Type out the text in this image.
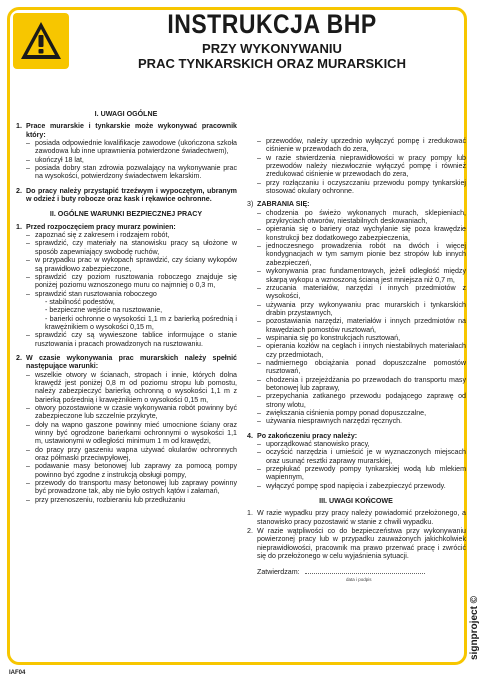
INSTRUKCJA BHP
PRZY WYKONYWANIU
PRAC TYNKARSKICH ORAZ MURARSKICH
I. UWAGI OGÓLNE
1. Prace murarskie i tynkarskie może wykonywać pracownik który:
– posiada odpowiednie kwalifikacje zawodowe (ukończona szkoła zawodowa lub inne uprawnienia potwierdzone świadectwem),
– ukończył 18 lat,
– posiada dobry stan zdrowia pozwalający na wykonywanie prac na wysokości, potwierdzony świadectwem lekarskim.
2. Do pracy należy przystąpić trzeźwym i wypoczętym, ubranym w odzież i buty robocze oraz kask i rękawice ochronne.
II. OGÓLNE WARUNKI BEZPIECZNEJ PRACY
1. Przed rozpoczęciem pracy murarz powinien:
– zapoznać się z zakresem i rodzajem robót,
– sprawdzić, czy materiały na stanowisku pracy są ułożone w sposób zapewniający swobodę ruchów,
– w przypadku prac w wykopach sprawdzić, czy ściany wykopów są prawidłowo zabezpieczone,
– sprawdzić czy poziom rusztowania roboczego znajduje się poniżej poziomu wznoszonego muru co najmniej o 0,3 m,
– sprawdzić stan rusztowania roboczego
- stabilność podestów,
- bezpieczne wejście na rusztowanie,
- barierki ochronne o wysokości 1,1 m z barierką pośrednią i krawężnikiem o wysokości 0,15 m,
– sprawdzić czy są wywieszone tablice informujące o stanie rusztowania i pracach prowadzonych na rusztowaniu.
2. W czasie wykonywania prac murarskich należy spełnić następujące warunki:
– wszelkie otwory w ścianach, stropach i innie, których dolna krawędź jest poniżej 0,8 m od poziomu stropu lub pomostu, należy zabezpieczyć barierką ochronną o wysokości 1,1 m z barierką pośrednią i krawężnikiem o wysokości 0,15 m,
– otwory pozostawione w czasie wykonywania robót powinny być zabezpieczone lub szczelnie przykryte,
– doły na wapno gaszone powinny mieć umocnione ściany oraz winny być ogrodzone barierkami ochronnymi o wysokości 1,1 m, ustawionymi w odległości minimum 1 m od krawędzi,
– do pracy przy gaszeniu wapna używać okularów ochronnych oraz półmaski przeciwpyłowej,
– podawanie masy betonowej lub zaprawy za pomocą pompy powinno być zgodne z instrukcją obsługi pompy,
– przewody do transportu masy betonowej lub zaprawy powinny być prowadzone tak, aby nie było ostrych kątów i załamań,
– przy przenoszeniu, rozbieraniu lub przedłużaniu
– przewodów, należy uprzednio wyłączyć pompę i zredukować ciśnienie w przewodach do zera,
– w razie stwierdzenia nieprawidłowości w pracy pompy lub przewodów należy niezwłocznie wyłączyć pompę i również zredukować ciśnienie w przewodach do zera,
– przy rozłączaniu i oczyszczaniu przewodu pompy tynkarskiej stosować okulary ochronne.
3) ZABRANIA SIĘ:
– chodzenia po świeżo wykonanych murach, sklepieniach, przykryciach otworów, niestabilnych deskowaniach,
– opierania się o bariery oraz wychylanie się poza krawędzie konstrukcji bez dodatkowego zabezpieczenia,
– jednoczesnego prowadzenia robót na dwóch i więcej kondygnacjach w tym samym pionie bez stropów lub innych zabezpieczeń,
– wykonywania prac fundamentowych, jeżeli odległość między skarpą wykopu a wznoszoną ścianą jest mniejsza niż 0,7 m,
– zrzucania materiałów, narzędzi i innych przedmiotów z wysokości,
– używania przy wykonywaniu prac murarskich i tynkarskich drabin przystawnych,
– pozostawiania narzędzi, materiałów i innych przedmiotów na krawędziach pomostów rusztowań,
– wspinania się po konstrukcjach rusztowań,
– opierania kozłów na cegłach i innych niestabilnych materiałach czy przedmiotach,
– nadmiernego obciążania ponad dopuszczalne pomostów rusztowań,
– chodzenia i przejeżdżania po przewodach do transportu masy betonowej lub zaprawy,
– przepychania zatkanego przewodu podającego zaprawę od strony wlotu,
– zwiększania ciśnienia pompy ponad dopuszczalne,
– używania niesprawnych narzędzi ręcznych.
4. Po zakończeniu pracy należy:
– uporządkować stanowisko pracy,
– oczyścić narzędzia i umieścić je w wyznaczonych miejscach oraz usunąć resztki zaprawy murarskiej,
– przepłukać przewody pompy tynkarskiej wodą lub mlekiem wapiennym,
– wyłączyć pompę spod napięcia i zabezpieczyć przewody.
III. UWAGI KOŃCOWE
1. W razie wypadku przy pracy należy powiadomić przełożonego, a stanowisko pracy pozostawić w stanie z chwili wypadku.
2. W razie wątpliwości co do bezpieczeństwa przy wykonywaniu powierzonej pracy lub w przypadku zauważonych jakichkolwiek nieprawidłowości, pracownik ma prawo przerwać pracę i zwrócić się do przełożonego w celu wyjaśnienia sytuacji.
Zatwierdzam:
data i podpis
signproject ©
IAF04
